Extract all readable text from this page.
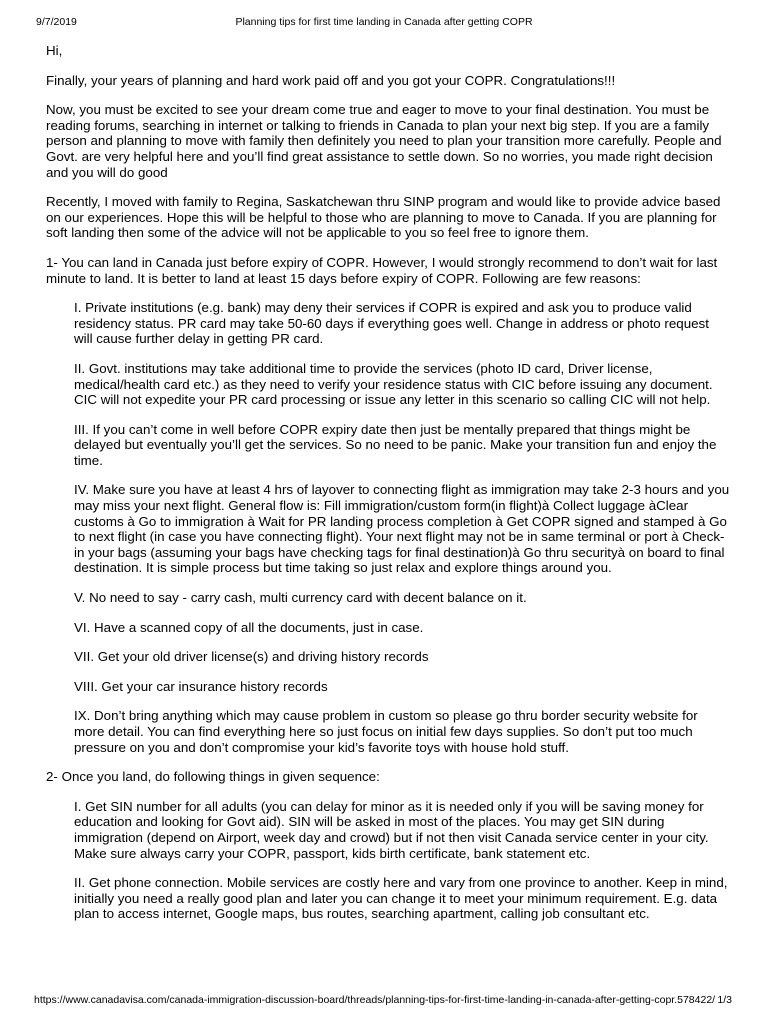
9/7/2019	Planning tips for first time landing in Canada after getting COPR

Hi,

Finally, your years of planning and hard work paid off and you got your COPR. Congratulations!!!

Now, you must be excited to see your dream come true and eager to move to your final destination. You must be reading forums, searching in internet or talking to friends in Canada to plan your next big step. If you are a family person and planning to move with family then definitely you need to plan your transition more carefully. People and Govt. are very helpful here and you’ll find great assistance to settle down. So no worries, you made right decision and you will do good

Recently, I moved with family to Regina, Saskatchewan thru SINP program and would like to provide advice based on our experiences. Hope this will be helpful to those who are planning to move to Canada. If you are planning for soft landing then some of the advice will not be applicable to you so feel free to ignore them.

1- You can land in Canada just before expiry of COPR. However, I would strongly recommend to don’t wait for last minute to land. It is better to land at least 15 days before expiry of COPR. Following are few reasons:

I. Private institutions (e.g. bank) may deny their services if COPR is expired and ask you to produce valid residency status. PR card may take 50-60 days if everything goes well. Change in address or photo request will cause further delay in getting PR card.

II. Govt. institutions may take additional time to provide the services (photo ID card, Driver license, medical/health card etc.) as they need to verify your residence status with CIC before issuing any document. CIC will not expedite your PR card processing or issue any letter in this scenario so calling CIC will not help.

III. If you can’t come in well before COPR expiry date then just be mentally prepared that things might be delayed but eventually you’ll get the services. So no need to be panic. Make your transition fun and enjoy the time.

IV. Make sure you have at least 4 hrs of layover to connecting flight as immigration may take 2-3 hours and you may miss your next flight. General flow is: Fill immigration/custom form(in flight)à Collect luggage àClear customs à Go to immigration à Wait for PR landing process completion à Get COPR signed and stamped à Go to next flight (in case you have connecting flight). Your next flight may not be in same terminal or port à Check-in your bags (assuming your bags have checking tags for final destination)à Go thru securityà on board to final destination. It is simple process but time taking so just relax and explore things around you.

V. No need to say - carry cash, multi currency card with decent balance on it.

VI. Have a scanned copy of all the documents, just in case.

VII. Get your old driver license(s) and driving history records

VIII. Get your car insurance history records

IX. Don’t bring anything which may cause problem in custom so please go thru border security website for more detail. You can find everything here so just focus on initial few days supplies. So don’t put too much pressure on you and don’t compromise your kid’s favorite toys with house hold stuff.

2- Once you land, do following things in given sequence:

I. Get SIN number for all adults (you can delay for minor as it is needed only if you will be saving money for education and looking for Govt aid). SIN will be asked in most of the places. You may get SIN during immigration (depend on Airport, week day and crowd) but if not then visit Canada service center in your city. Make sure always carry your COPR, passport, kids birth certificate, bank statement etc.

II. Get phone connection. Mobile services are costly here and vary from one province to another. Keep in mind, initially you need a really good plan and later you can change it to meet your minimum requirement. E.g. data plan to access internet, Google maps, bus routes, searching apartment, calling job consultant etc.

https://www.canadavisa.com/canada-immigration-discussion-board/threads/planning-tips-for-first-time-landing-in-canada-after-getting-copr.578422/ 1/3
